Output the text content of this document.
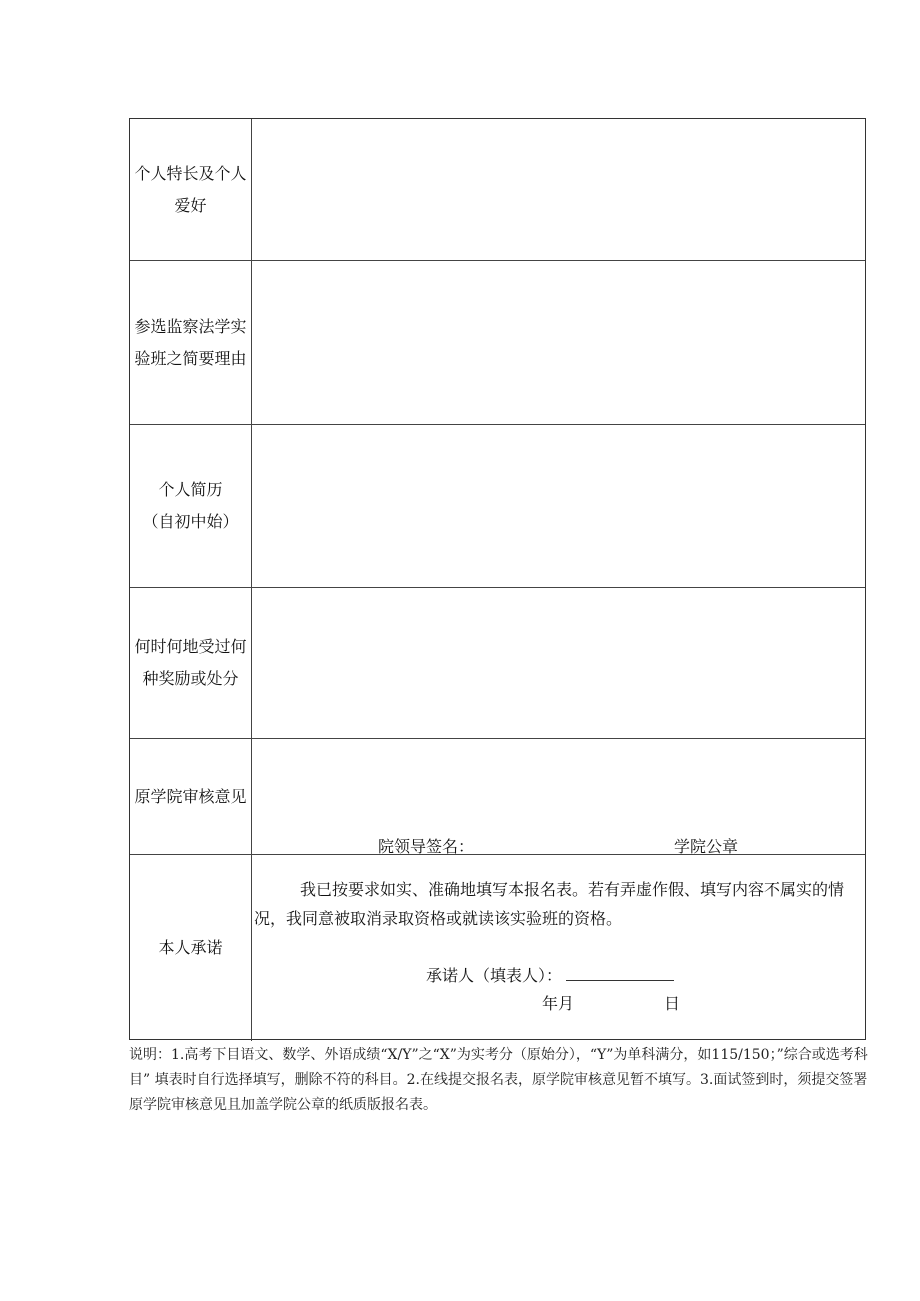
个人特长及个人
爱好
参选监察法学实
验班之简要理由
个人简历
（自初中始）
何时何地受过何
种奖励或处分
原学院审核意见
院领导签名：	学院公章
本人承诺
我已按要求如实、准确地填写本报名表。若有弄虚作假、填写内容不属实的情况，我同意被取消录取资格或就读该实验班的资格。
承诺人（填表人）：
年月	日
说明：1.高考下目语文、数学、外语成绩“X/Y”之“X”为实考分（原始分），“Y”为单科满分，如115/150；”综合或选考科目” 填表时自行选择填写，删除不符的科目。2.在线提交报名表，原学院审核意见暂不填写。3.面试签到时，须提交签署原学院审核意见且加盖学院公章的纸质版报名表。
